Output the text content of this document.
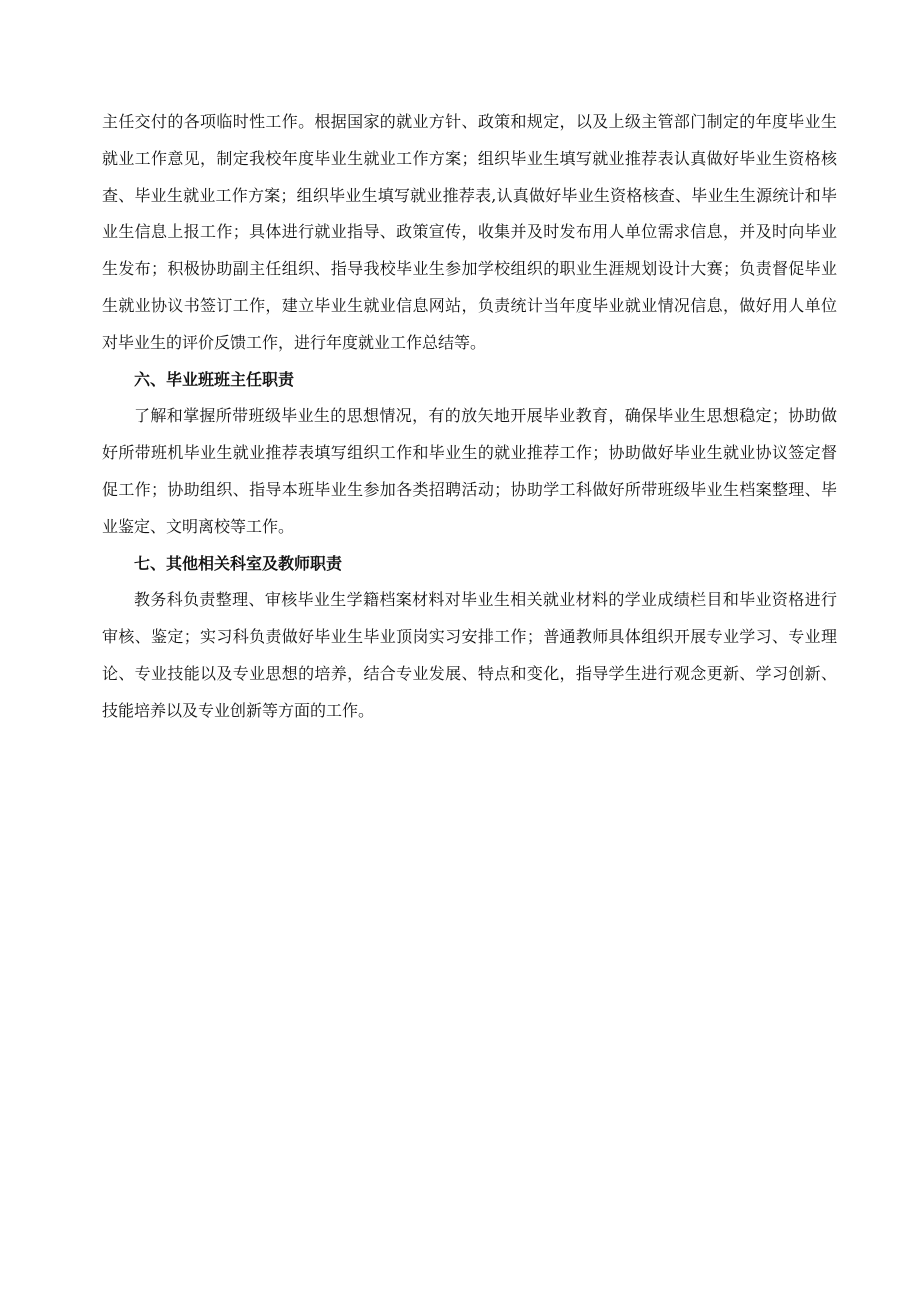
主任交付的各项临时性工作。根据国家的就业方针、政策和规定，以及上级主管部门制定的年度毕业生就业工作意见，制定我校年度毕业生就业工作方案；组织毕业生填写就业推荐表认真做好毕业生资格核查、毕业生就业工作方案；组织毕业生填写就业推荐表,认真做好毕业生资格核查、毕业生生源统计和毕业生信息上报工作；具体进行就业指导、政策宣传，收集并及时发布用人单位需求信息，并及时向毕业生发布；积极协助副主任组织、指导我校毕业生参加学校组织的职业生涯规划设计大赛；负责督促毕业生就业协议书签订工作，建立毕业生就业信息网站，负责统计当年度毕业就业情况信息，做好用人单位对毕业生的评价反馈工作，进行年度就业工作总结等。

六、毕业班班主任职责

了解和掌握所带班级毕业生的思想情况，有的放矢地开展毕业教育，确保毕业生思想稳定；协助做好所带班机毕业生就业推荐表填写组织工作和毕业生的就业推荐工作；协助做好毕业生就业协议签定督促工作；协助组织、指导本班毕业生参加各类招聘活动；协助学工科做好所带班级毕业生档案整理、毕业鉴定、文明离校等工作。

七、其他相关科室及教师职责

教务科负责整理、审核毕业生学籍档案材料对毕业生相关就业材料的学业成绩栏目和毕业资格进行审核、鉴定；实习科负责做好毕业生毕业顶岗实习安排工作；普通教师具体组织开展专业学习、专业理论、专业技能以及专业思想的培养，结合专业发展、特点和变化，指导学生进行观念更新、学习创新、技能培养以及专业创新等方面的工作。
